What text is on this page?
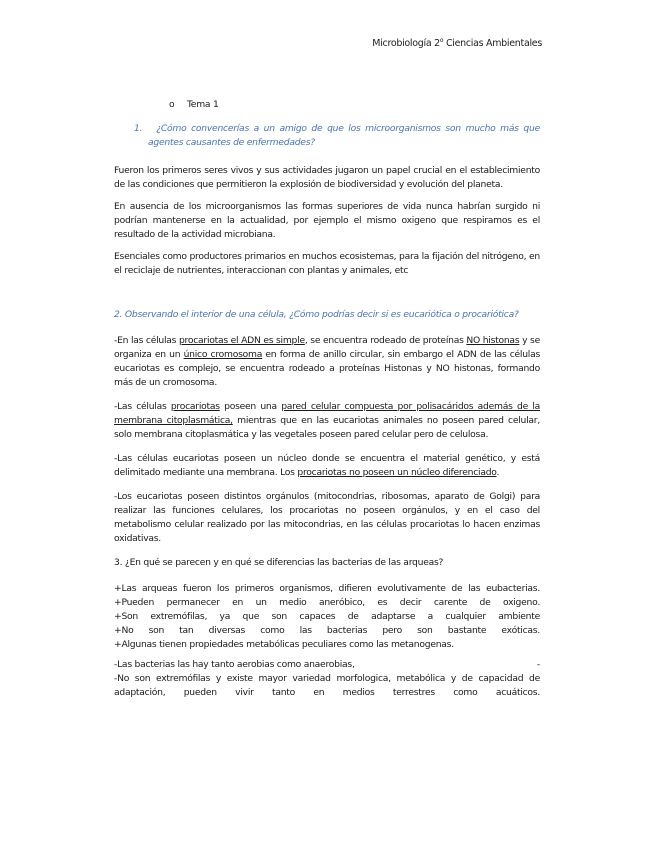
Microbiología 2$^o$ Ciencias Ambientales

o Tema 1

1. ¿Cómo convencerías a un amigo de que los microorganismos son mucho más que agentes causantes de enfermedades?

Fueron los primeros seres vivos y sus actividades jugaron un papel crucial en el establecimiento de las condiciones que permitieron la explosión de biodiversidad y evolución del planeta.

En ausencia de los microorganismos las formas superiores de vida nunca habrían surgido ni podrían mantenerse en la actualidad, por ejemplo el mismo oxigeno que respiramos es el resultado de la actividad microbiana.

Esenciales como productores primarios en muchos ecosistemas, para la fijación del nitrógeno, en el reciclaje de nutrientes, interaccionan con plantas y animales, etc

2. Observando el interior de una célula, ¿Cómo podrías decir si es eucariótica o procariótica?

-En las células procariotas el ADN es simple, se encuentra rodeado de proteínas NO histonas y se organiza en un único cromosoma en forma de anillo circular, sin embargo el ADN de las células eucariotas es complejo, se encuentra rodeado a proteínas Histonas y NO histonas, formando más de un cromosoma.

-Las células procariotas poseen una pared celular compuesta por polisacáridos además de la membrana citoplasmática, mientras que en las eucariotas animales no poseen pared celular, solo membrana citoplasmática y las vegetales poseen pared celular pero de celulosa.

-Las células eucariotas poseen un núcleo donde se encuentra el material genético, y está delimitado mediante una membrana. Los procariotas no poseen un núcleo diferenciado.

-Los eucariotas poseen distintos orgánulos (mitocondrias, ribosomas, aparato de Golgi) para realizar las funciones celulares, los procariotas no poseen orgánulos, y en el caso del metabolismo celular realizado por las mitocondrias, en las células procariotas lo hacen enzimas oxidativas.

3. ¿En qué se parecen y en qué se diferencias las bacterias de las arqueas?

+Las arqueas fueron los primeros organismos, difieren evolutivamente de las eubacterias.

+Pueden permanecer en un medio anerόbico, es decir carente de oxigeno.

+Son extremófilas, ya que son capaces de adaptarse a cualquier ambiente

+No son tan diversas como las bacterias pero son bastante exóticas.

+Algunas tienen propiedades metabólicas peculiares como las metanogenas.

-Las bacterias las hay tanto aerobias como anaerobias,	-

-No son extremófilas y existe mayor variedad morfologica, metabólica y de capacidad de adaptación, pueden vivir tanto en medios terrestres como acuáticos.
